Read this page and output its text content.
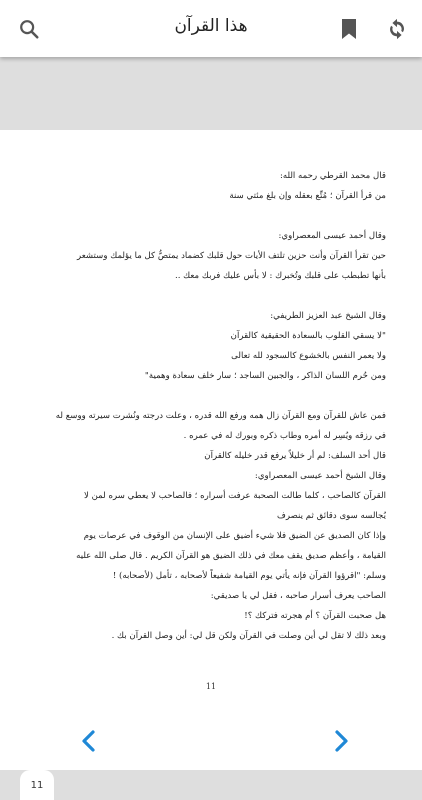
هذا القرآن
قال محمد القرطي رحمه الله:
من قرأ القرآن ؛ مُتِّع بعقله وإن بلغ مئتي سنة
وقال أحمد عيسى المعصراوي:
حين تقرأ القرآن وأنت حزين تلتف الأيات حول قلبك كضماد يمتصُّ كل ما يؤلمك وستشعر
بأنها تطبطب على قلبك وتُخبرك : لا بأس عليك فربك معك ..
وقال الشيخ عبد العزيز الطريفي:
"لا يسقي القلوب بالسعادة الحقيقية كالقرآن
ولا يعمر النفس بالخشوع كالسجود لله تعالى
ومن حُرم اللسان الذاكر ، والجبين الساجد ؛ سار خلف سعادة وهمية"
فمن عاش للقرآن ومع القرآن زال همه ورفع الله قدره ، وعلت درجته ونُشرت سيرته ووسع له
في رزقه ويُسِر له أمره وطاب ذكره وبورك له في عمره .
قال أحد السلف: لم أر خليلاً يرفع قدر خليله كالقرآن
وقال الشيخ أحمد عيسى المعصراوي:
القرآن كالصاحب ، كلما طالت الصحبة عرفت أسراره ؛ فالصاحب لا يعطي سره لمن لا
يُجالسه سوى دقائق ثم ينصرف
وإذا كان الصديق عن الضيق فلا شيء أضيق على الإنسان من الوقوف في عرصات يوم
القيامة ، وأعظم صديق يقف معك في ذلك الضيق هو القرآن الكريم . قال صلى الله عليه
وسلم: "اقرؤوا القرآن فإنه يأتي يوم القيامة شفيعاً لأصحابه ، تأمل (لأصحابه) !
الصاحب يعرف أسرار صاحبه ، فقل لي يا صديقي:
هل صحبت القرآن ؟ أم هجرته فتركك ؟!
وبعد ذلك لا تقل لي أين وصلت في القرآن ولكن قل لي: أين وصل القرآن بك .
11
11
